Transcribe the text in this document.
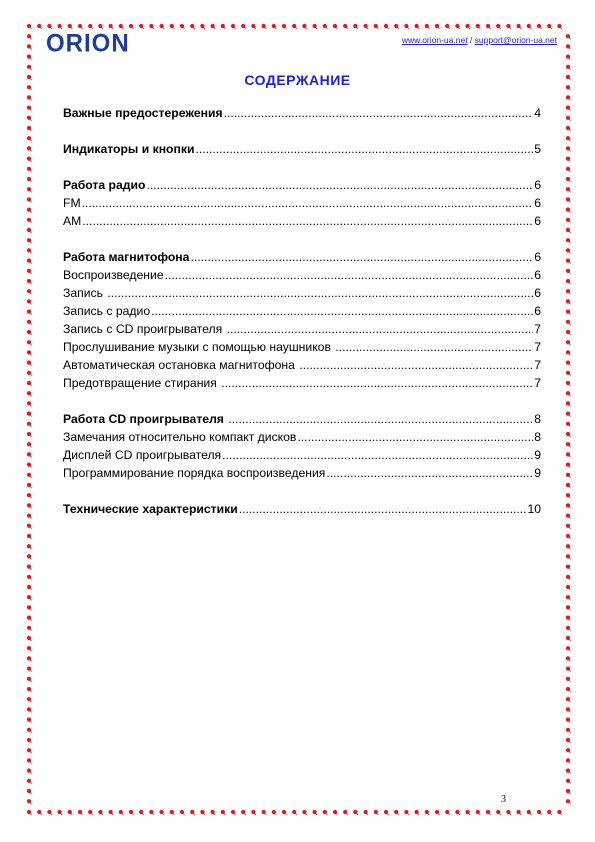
ORION	www.orion-ua.net / support@orion-ua.net
СОДЕРЖАНИЕ
Важные предостережения .....	4
Индикаторы и кнопки .....	5
Работа радио .....	6
FM .....	6
AM .....	6
Работа магнитофона .....	6
Воспроизведение .....	6
Запись .....	6
Запись с радио .....	6
Запись с CD проигрывателя .....	7
Прослушивание музыки с помощью наушников .....	7
Автоматическая остановка магнитофона .....	7
Предотвращение стирания .....	7
Работа CD проигрывателя .....	8
Замечания относительно компакт дисков .....	8
Дисплей CD проигрывателя .....	9
Программирование порядка воспроизведения .....	9
Технические характеристики .....	10
3
